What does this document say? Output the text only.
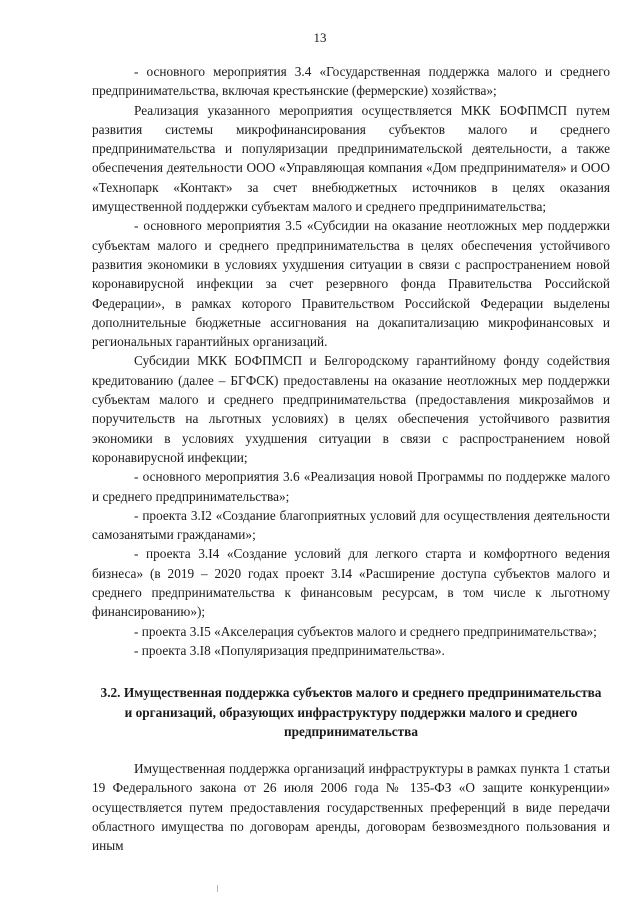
13

- основного мероприятия 3.4 «Государственная поддержка малого и среднего предпринимательства, включая крестьянские (фермерские) хозяйства»;

Реализация указанного мероприятия осуществляется МКК БОФПМСП путем развития системы микрофинансирования субъектов малого и среднего предпринимательства и популяризации предпринимательской деятельности, а также обеспечения деятельности ООО «Управляющая компания «Дом предпринимателя» и ООО «Технопарк «Контакт» за счет внебюджетных источников в целях оказания имущественной поддержки субъектам малого и среднего предпринимательства;

- основного мероприятия 3.5 «Субсидии на оказание неотложных мер поддержки субъектам малого и среднего предпринимательства в целях обеспечения устойчивого развития экономики в условиях ухудшения ситуации в связи с распространением новой коронавирусной инфекции за счет резервного фонда Правительства Российской Федерации», в рамках которого Правительством Российской Федерации выделены дополнительные бюджетные ассигнования на докапитализацию микрофинансовых и региональных гарантийных организаций.

Субсидии МКК БОФПМСП и Белгородскому гарантийному фонду содействия кредитованию (далее – БГФСК) предоставлены на оказание неотложных мер поддержки субъектам малого и среднего предпринимательства (предоставления микрозаймов и поручительств на льготных условиях) в целях обеспечения устойчивого развития экономики в условиях ухудшения ситуации в связи с распространением новой коронавирусной инфекции;

- основного мероприятия 3.6 «Реализация новой Программы по поддержке малого и среднего предпринимательства»;

- проекта 3.I2 «Создание благоприятных условий для осуществления деятельности самозанятыми гражданами»;

- проекта 3.I4 «Создание условий для легкого старта и комфортного ведения бизнеса» (в 2019 – 2020 годах проект 3.I4 «Расширение доступа субъектов малого и среднего предпринимательства к финансовым ресурсам, в том числе к льготному финансированию»);

- проекта 3.I5 «Акселерация субъектов малого и среднего предпринимательства»;

- проекта 3.I8 «Популяризация предпринимательства».

3.2. Имущественная поддержка субъектов малого и среднего предпринимательства и организаций, образующих инфраструктуру поддержки малого и среднего предпринимательства

Имущественная поддержка организаций инфраструктуры в рамках пункта 1 статьи 19 Федерального закона от 26 июля 2006 года № 135-ФЗ «О защите конкуренции» осуществляется путем предоставления государственных преференций в виде передачи областного имущества по договорам аренды, договорам безвозмездного пользования и иным
